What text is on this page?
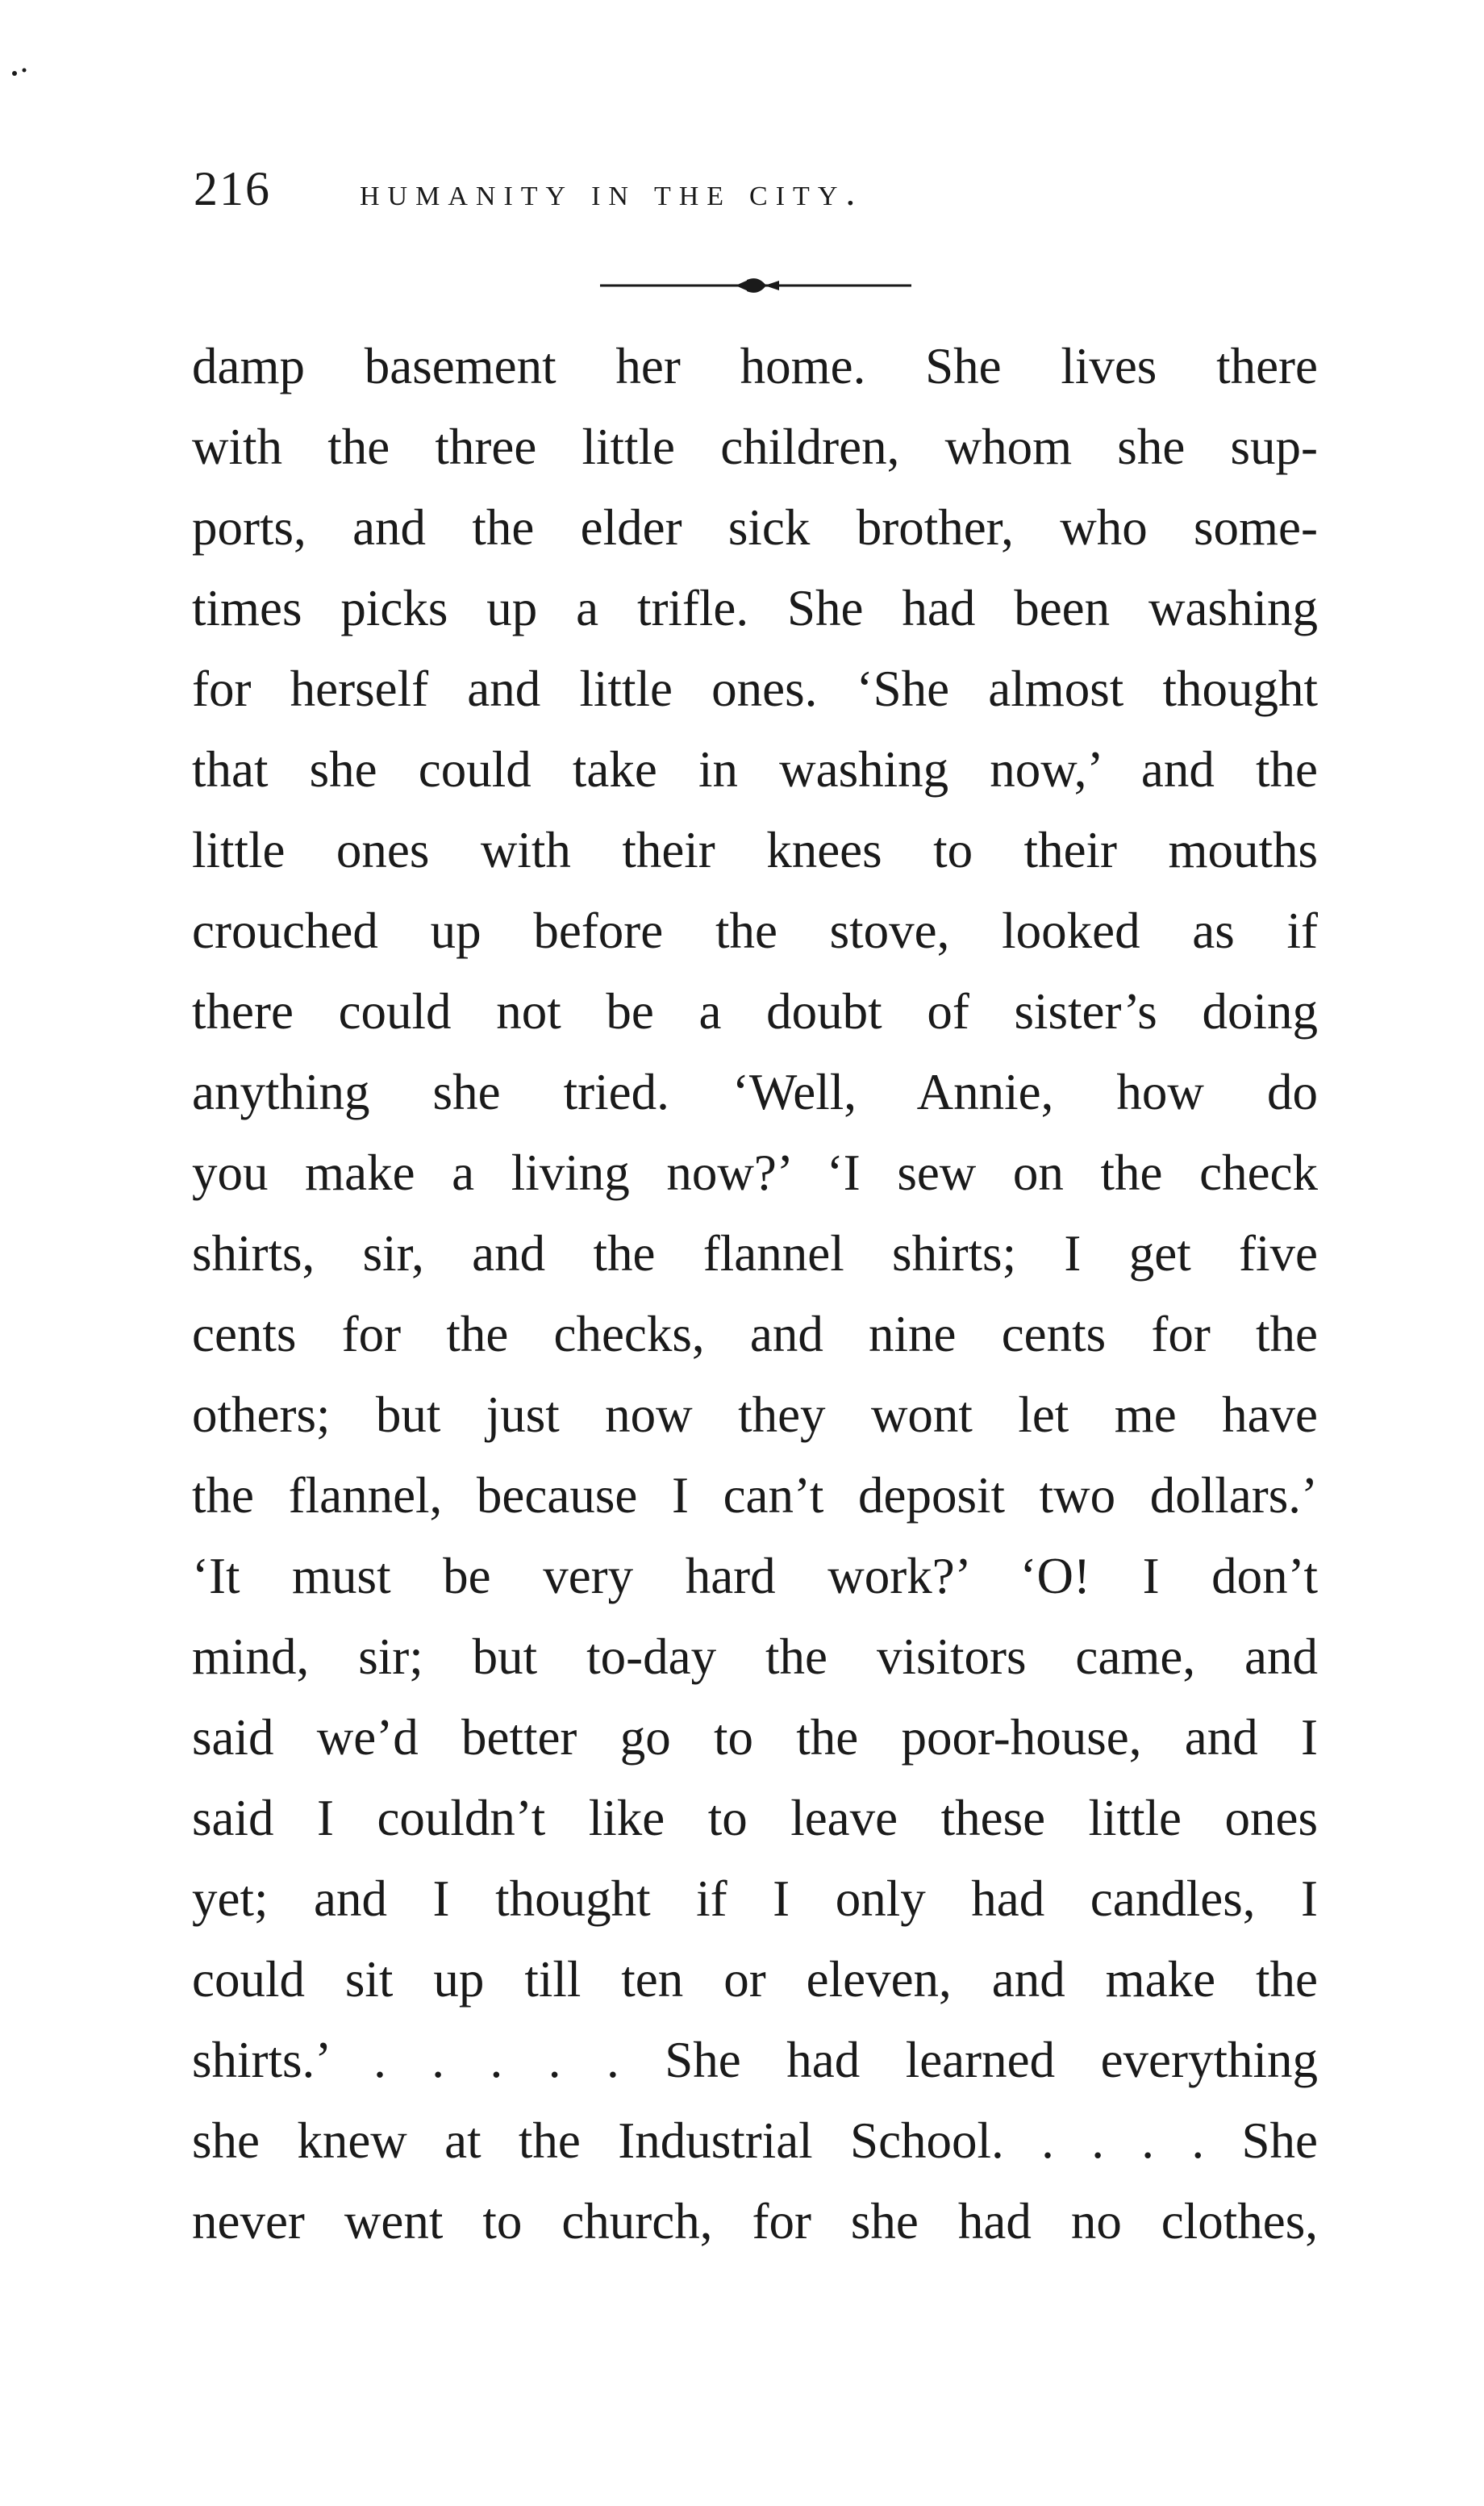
216 humanity in the city.
damp basement her home. She lives there
with the three little children, whom she sup-
ports, and the elder sick brother, who some-
times picks up a trifle. She had been washing
for herself and little ones. ‘She almost thought
that she could take in washing now,’ and the
little ones with their knees to their mouths
crouched up before the stove, looked as if
there could not be a doubt of sister’s doing
anything she tried. ‘Well, Annie, how do
you make a living now?’ ‘I sew on the check
shirts, sir, and the flannel shirts; I get five
cents for the checks, and nine cents for the
others; but just now they wont let me have
the flannel, because I can’t deposit two dollars.’
‘It must be very hard work?’ ‘O! I don’t
mind, sir; but to-day the visitors came, and
said we’d better go to the poor-house, and I
said I couldn’t like to leave these little ones
yet; and I thought if I only had candles, I
could sit up till ten or eleven, and make the
shirts.’ . . . . . She had learned everything
she knew at the Industrial School. . . . . She
never went to church, for she had no clothes,
